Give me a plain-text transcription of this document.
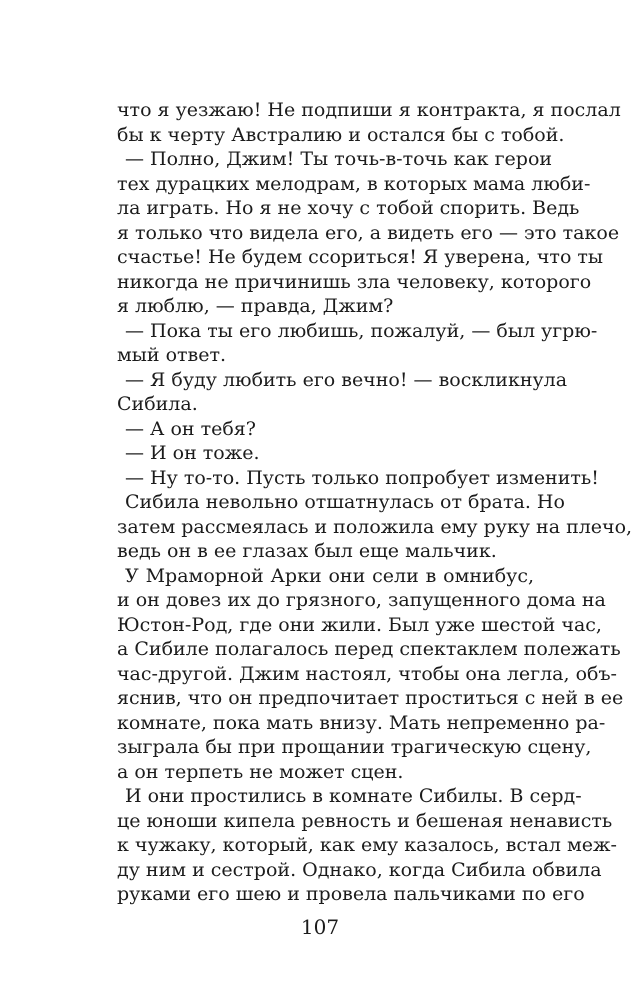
что я уезжаю! Не подпиши я контракта, я послал
бы к черту Австралию и остался бы с тобой.
— Полно, Джим! Ты точь-в-точь как герои
тех дурацких мелодрам, в которых мама люби-
ла играть. Но я не хочу с тобой спорить. Ведь
я только что видела его, а видеть его — это такое
счастье! Не будем ссориться! Я уверена, что ты
никогда не причинишь зла человеку, которого
я люблю, — правда, Джим?
— Пока ты его любишь, пожалуй, — был угрю-
мый ответ.
— Я буду любить его вечно! — воскликнула
Сибила.
— А он тебя?
— И он тоже.
— Ну то-то. Пусть только попробует изменить!
Сибила невольно отшатнулась от брата. Но
затем рассмеялась и положила ему руку на плечо,
ведь он в ее глазах был еще мальчик.
У Мраморной Арки они сели в омнибус,
и он довез их до грязного, запущенного дома на
Юстон-Род, где они жили. Был уже шестой час,
а Сибиле полагалось перед спектаклем полежать
час-другой. Джим настоял, чтобы она легла, объ-
яснив, что он предпочитает проститься с ней в ее
комнате, пока мать внизу. Мать непременно ра-
зыграла бы при прощании трагическую сцену,
а он терпеть не может сцен.
И они простились в комнате Сибилы. В серд-
це юноши кипела ревность и бешеная ненависть
к чужаку, который, как ему казалось, встал меж-
ду ним и сестрой. Однако, когда Сибила обвила
руками его шею и провела пальчиками по его
107
